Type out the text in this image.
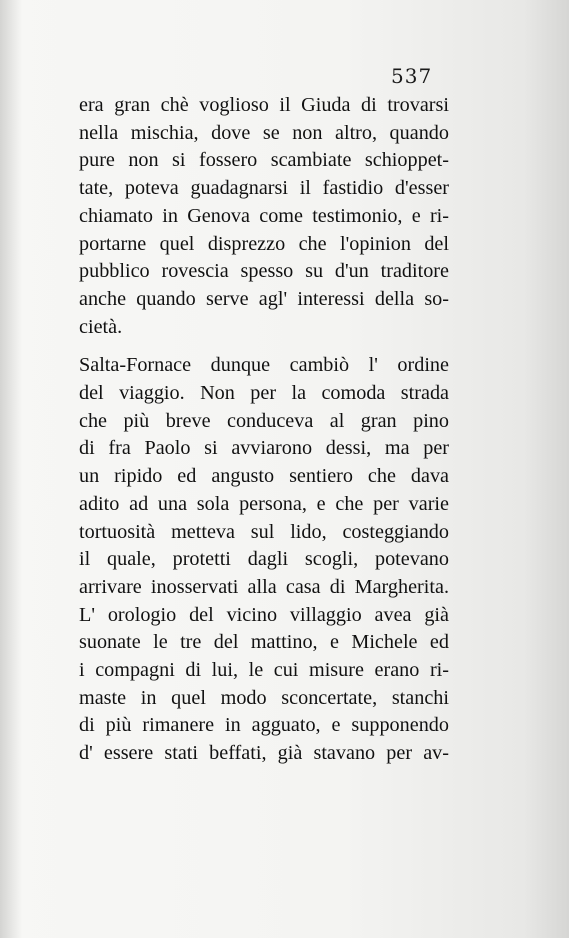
537
era gran chè voglioso il Giuda di trovarsi
nella mischia, dove se non altro, quando
pure non si fossero scambiate schioppet-
tate, poteva guadagnarsi il fastidio d'esser
chiamato in Genova come testimonio, e ri-
portarne quel disprezzo che l'opinion del
pubblico rovescia spesso su d'un traditore
anche quando serve agl' interessi della so-
cietà.
Salta-Fornace dunque cambiò l' ordine
del viaggio. Non per la comoda strada
che più breve conduceva al gran pino
di fra Paolo si avviarono dessi, ma per
un ripido ed angusto sentiero che dava
adito ad una sola persona, e che per varie
tortuosità metteva sul lido, costeggiando
il quale, protetti dagli scogli, potevano
arrivare inosservati alla casa di Margherita.
L' orologio del vicino villaggio avea già
suonate le tre del mattino, e Michele ed
i compagni di lui, le cui misure erano ri-
maste in quel modo sconcertate, stanchi
di più rimanere in agguato, e supponendo
d' essere stati beffati, già stavano per av-
